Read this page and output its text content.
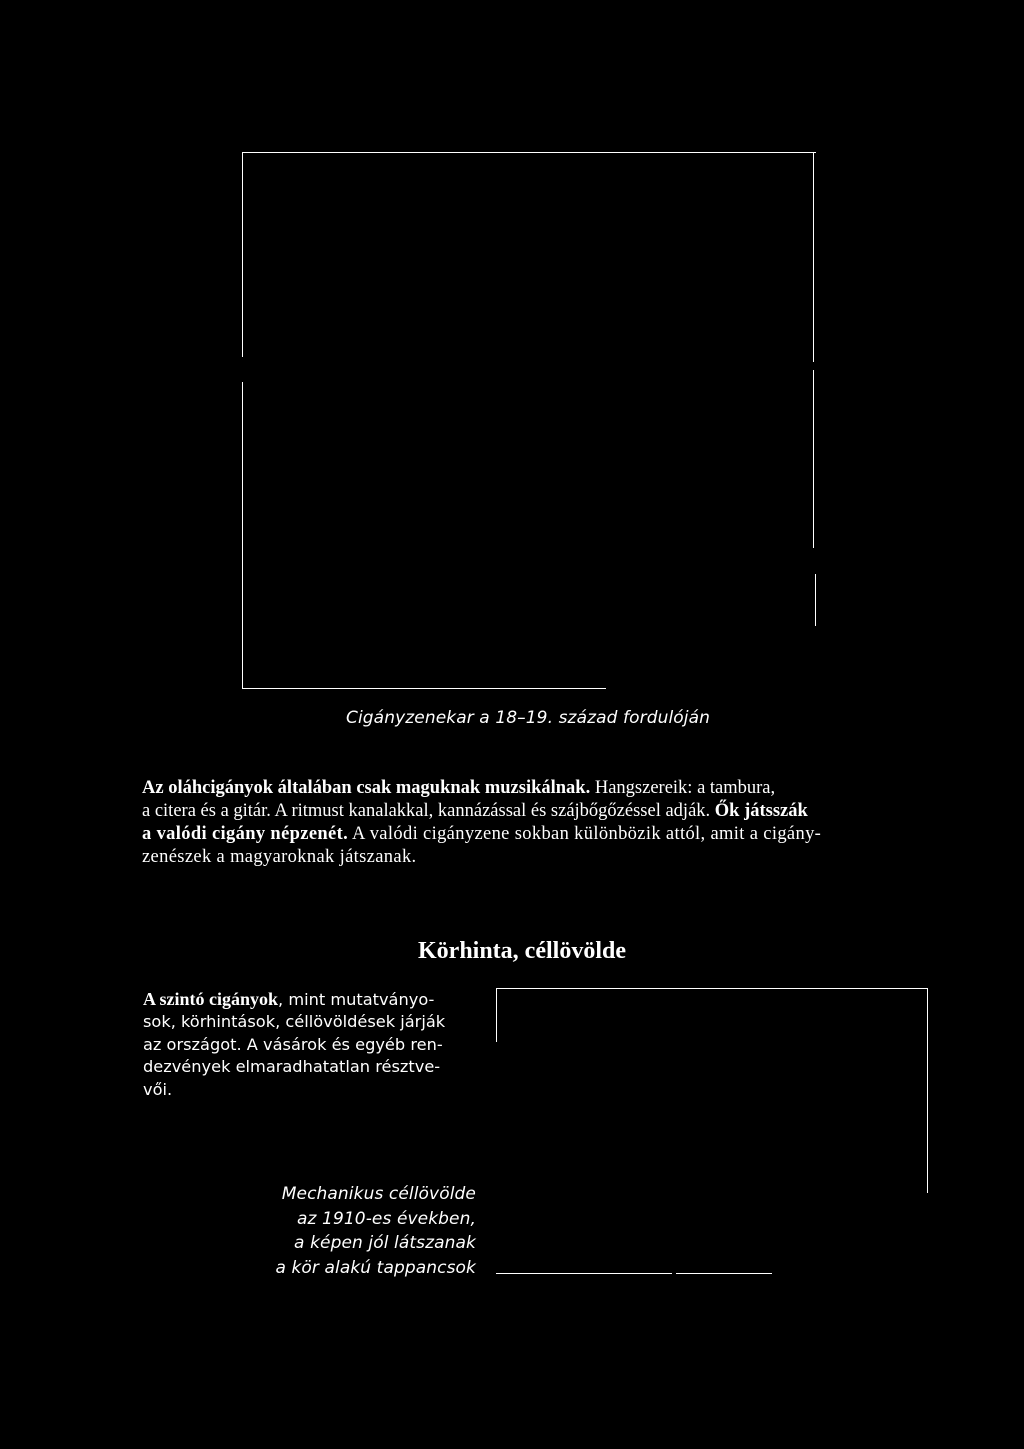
Cigányzenekar a 18–19. század fordulóján
Az oláhcigányok általában csak maguknak muzsikálnak. Hangszereik: a tambura,
a citera és a gitár. A ritmust kanalakkal, kannázással és szájbőgőzéssel adják. Ők játsszák
a valódi cigány népzenét. A valódi cigányzene sokban különbözik attól, amit a cigány-
zenészek a magyaroknak játszanak.
Körhinta, céllövölde
A szintó cigányok, mint mutatványo-
sok, körhintások, céllövöldések járják
az országot. A vásárok és egyéb ren-
dezvények elmaradhatatlan résztve-
vői.
Mechanikus céllövölde
az 1910-es években,
a képen jól látszanak
a kör alakú tappancsok
